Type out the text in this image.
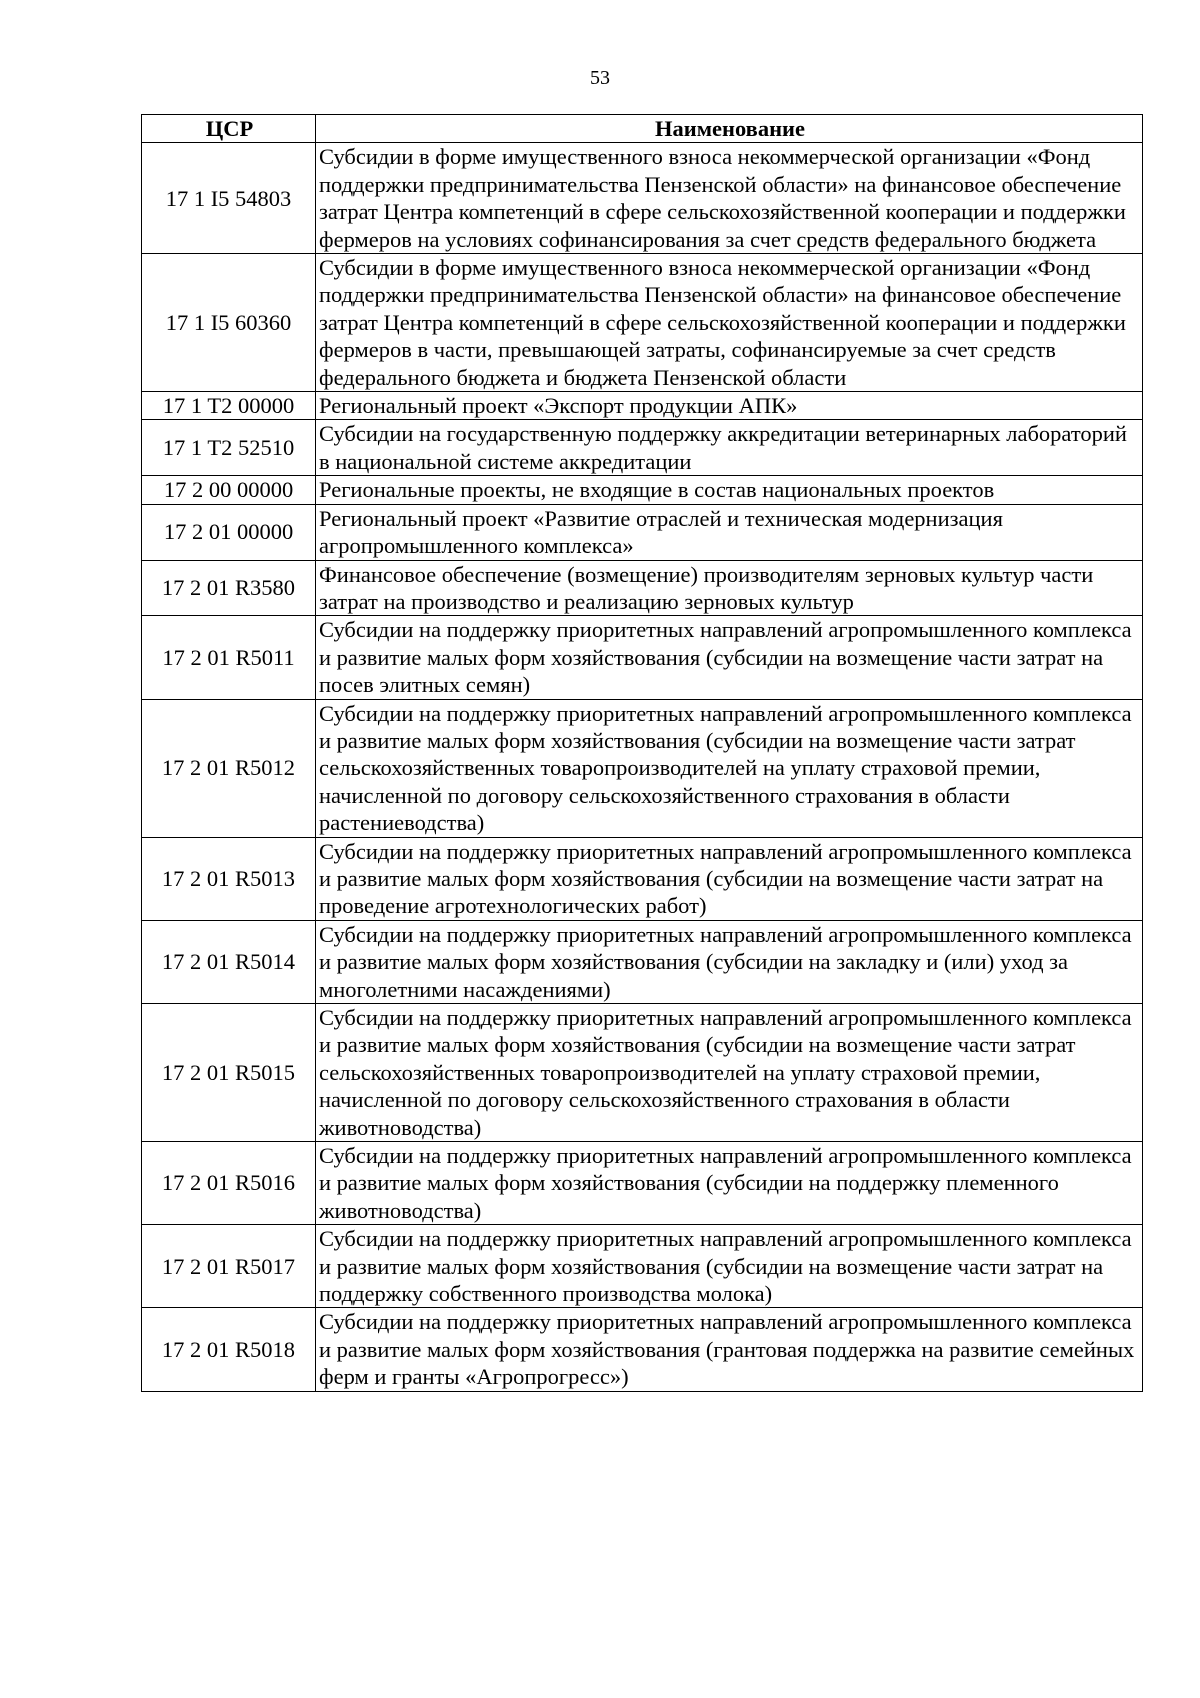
53
ЦСР	Наименование
17 1 I5 54803	Субсидии в форме имущественного взноса некоммерческой организации «Фонд поддержки предпринимательства Пензенской области» на финансовое обеспечение затрат Центра компетенций в сфере сельскохозяйственной кооперации и поддержки фермеров на условиях софинансирования за счет средств федерального бюджета
17 1 I5 60360	Субсидии в форме имущественного взноса некоммерческой организации «Фонд поддержки предпринимательства Пензенской области» на финансовое обеспечение затрат Центра компетенций в сфере сельскохозяйственной кооперации и поддержки фермеров в части, превышающей затраты, софинансируемые за счет средств федерального бюджета и бюджета Пензенской области
17 1 T2 00000	Региональный проект «Экспорт продукции АПК»
17 1 T2 52510	Субсидии на государственную поддержку аккредитации ветеринарных лабораторий в национальной системе аккредитации
17 2 00 00000	Региональные проекты, не входящие в состав национальных проектов
17 2 01 00000	Региональный проект «Развитие отраслей и техническая модернизация агропромышленного комплекса»
17 2 01 R3580	Финансовое обеспечение (возмещение) производителям зерновых культур части затрат на производство и реализацию зерновых культур
17 2 01 R5011	Субсидии на поддержку приоритетных направлений агропромышленного комплекса и развитие малых форм хозяйствования (субсидии на возмещение части затрат на посев элитных семян)
17 2 01 R5012	Субсидии на поддержку приоритетных направлений агропромышленного комплекса и развитие малых форм хозяйствования (субсидии на возмещение части затрат сельскохозяйственных товаропроизводителей на уплату страховой премии, начисленной по договору сельскохозяйственного страхования в области растениеводства)
17 2 01 R5013	Субсидии на поддержку приоритетных направлений агропромышленного комплекса и развитие малых форм хозяйствования (субсидии на возмещение части затрат на проведение агротехнологических работ)
17 2 01 R5014	Субсидии на поддержку приоритетных направлений агропромышленного комплекса и развитие малых форм хозяйствования (субсидии на закладку и (или) уход за многолетними насаждениями)
17 2 01 R5015	Субсидии на поддержку приоритетных направлений агропромышленного комплекса и развитие малых форм хозяйствования (субсидии на возмещение части затрат сельскохозяйственных товаропроизводителей на уплату страховой премии, начисленной по договору сельскохозяйственного страхования в области животноводства)
17 2 01 R5016	Субсидии на поддержку приоритетных направлений агропромышленного комплекса и развитие малых форм хозяйствования (субсидии на поддержку племенного животноводства)
17 2 01 R5017	Субсидии на поддержку приоритетных направлений агропромышленного комплекса и развитие малых форм хозяйствования (субсидии на возмещение части затрат на поддержку собственного производства молока)
17 2 01 R5018	Субсидии на поддержку приоритетных направлений агропромышленного комплекса и развитие малых форм хозяйствования (грантовая поддержка на развитие семейных ферм и гранты «Агропрогресс»)
